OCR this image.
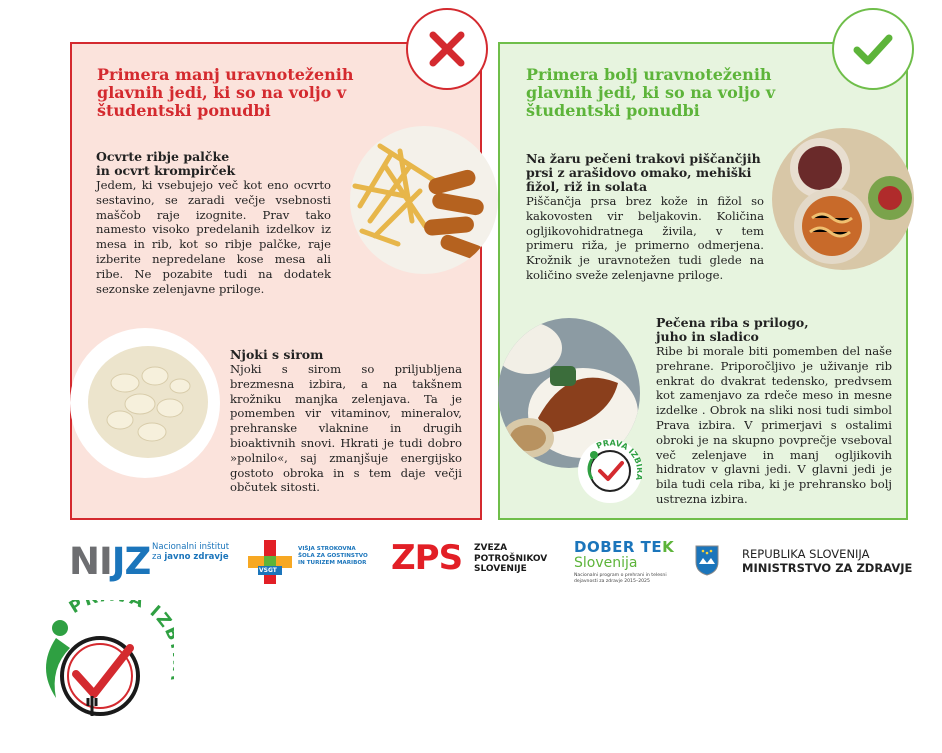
Primera manj uravnoteženih glavnih jedi, ki so na voljo v študentski ponudbi
Ocvrte ribje palčke
in ocvrt krompirček

Jedem, ki vsebujejo več kot eno ocvrto sestavino, se zaradi večje vsebnosti maščob raje izognite. Prav tako namesto visoko predelanih izdelkov iz mesa in rib, kot so ribje palčke, raje izberite nepredelane kose mesa ali ribe. Ne pozabite tudi na dodatek sezonske zelenjavne priloge.

Njoki s sirom

Njoki s sirom so priljubljena brezmesna izbira, a na takšnem krožniku manjka zelenjava. Ta je pomemben vir vitaminov, mineralov, prehranske vlaknine in drugih bioaktivnih snovi. Hkrati je tudi dobro »polnilo«, saj zmanjšuje energijsko gostoto obroka in s tem daje večji občutek sitosti.

Primera bolj uravnoteženih glavnih jedi, ki so na voljo v študentski ponudbi
Na žaru pečeni trakovi piščančjih
prsi z arašidovo omako, mehiški
fižol, riž in solata

Piščančja prsa brez kože in fižol so kakovosten vir beljakovin. Količina ogljikovohidratnega živila, v tem primeru riža, je primerno odmerjena. Krožnik je uravnotežen tudi glede na količino sveže zelenjavne priloge.

PRAVA IZB
Pečena riba s prilogo,
juho in sladico

Ribe bi morale biti pomemben del naše prehrane. Priporočljivo je uživanje rib enkrat do dvakrat tedensko, predvsem kot zamenjavo za rdeče meso in mesne izdelke . Obrok na sliki nosi tudi simbol Prava izbira. V primerjavi s ostalimi obroki je na skupno povprečje vseboval več zelenjave in manj ogljikovih hidratov v glavni jedi. V glavni jedi je bila tudi cela riba, ki je prehransko bolj ustrezna izbira.

NIJZ Nacionalni inštitut
za javno zdravje
VSGT
VIŠJA STROKOVNA
ŠOLA ZA GOSTINSTVO
IN TURIZEM MARIBOR ZPS ZVEZA
POTROŠNIKOV
SLOVENIJE
DOBER TEK
Slovenija
Nacionalni program o prehrani in telesni
dejavnosti za zdravje 2015–2025
REPUBLIKA SLOVENIJA
MINISTRSTVO ZA ZDRAVJE
P A IZ
